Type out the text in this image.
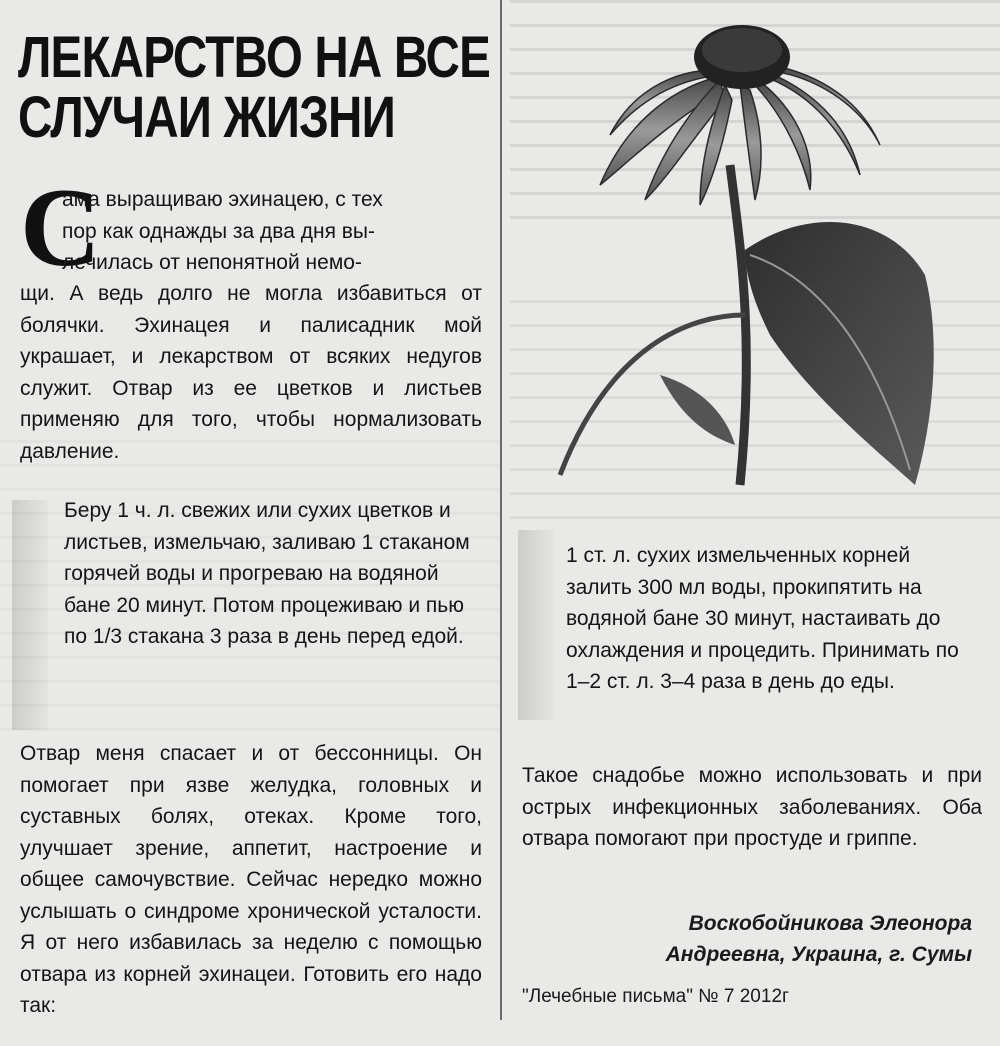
ЛЕКАРСТВО НА ВСЕ
СЛУЧАИ ЖИЗНИ
С
ама выращиваю эхинацею, с тех
пор как однажды за два дня вы-
лечилась от непонятной немо-
щи. А ведь долго не могла избавиться от болячки. Эхинацея и палисадник мой украшает, и лекарством от всяких недугов служит. Отвар из ее цветков и листьев применяю для того, чтобы нормализовать давление.
Беру 1 ч. л. свежих или сухих цветков и листьев, измельчаю, заливаю 1 стаканом горячей воды и прогреваю на водяной бане 20 минут. Потом процеживаю и пью по 1/3 стакана 3 раза в день перед едой.
Отвар меня спасает и от бессонницы. Он помогает при язве желудка, головных и суставных болях, отеках. Кроме того, улучшает зрение, аппетит, настроение и общее самочувствие. Сейчас нередко можно услышать о синдроме хронической усталости. Я от него избавилась за неделю с помощью отвара из корней эхинацеи. Готовить его надо так:
1 ст. л. сухих измельченных корней залить 300 мл воды, прокипятить на водяной бане 30 минут, настаивать до охлаждения и процедить. Принимать по 1–2 ст. л. 3–4 раза в день до еды.
Такое снадобье можно использовать и при острых инфекционных заболеваниях. Оба отвара помогают при простуде и гриппе.
Воскобойникова Элеонора
Андреевна, Украина, г. Сумы
"Лечебные письма" № 7 2012г
